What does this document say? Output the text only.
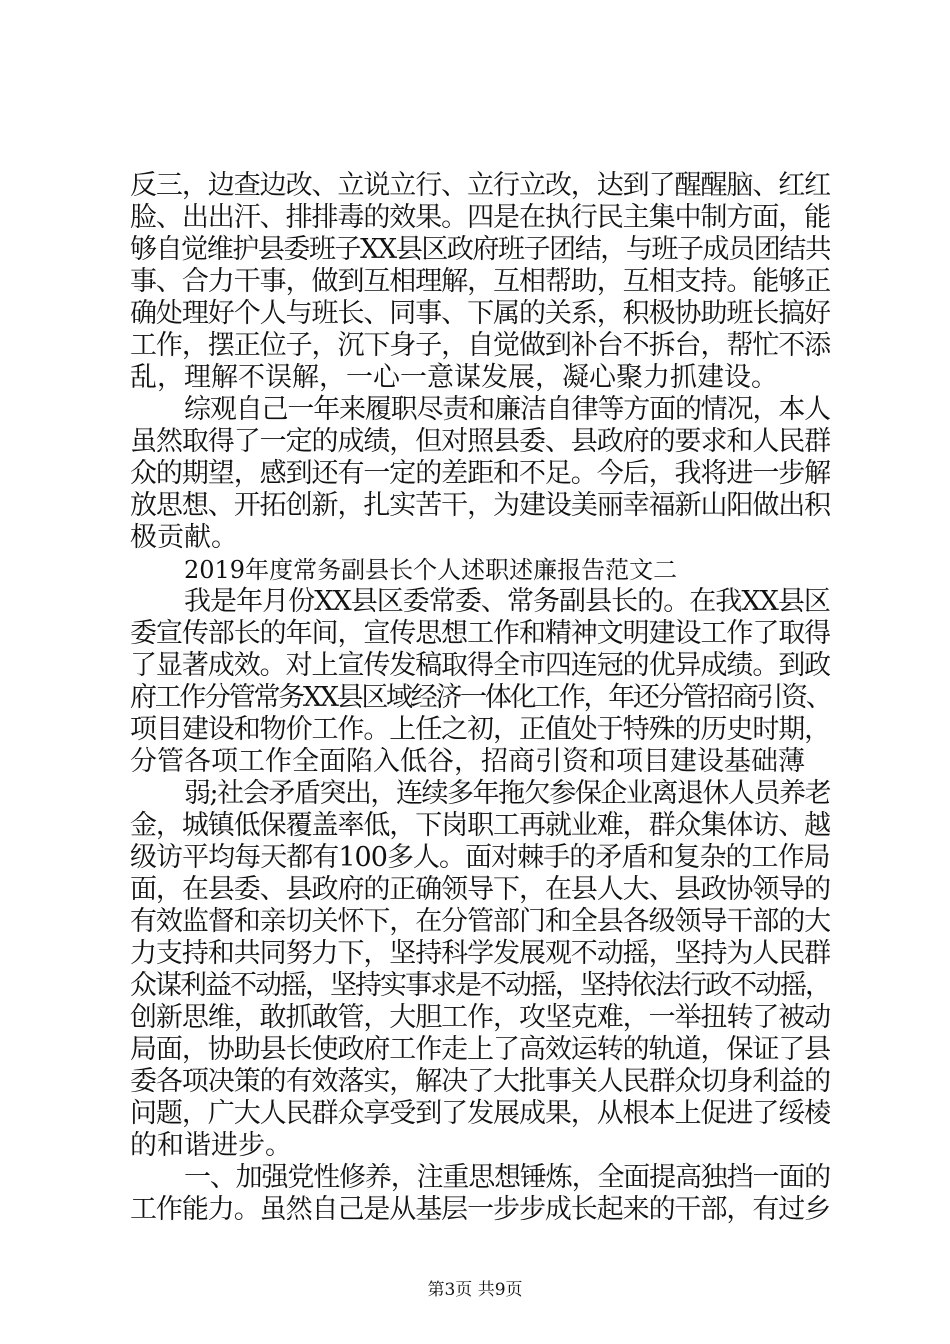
反三，边查边改、立说立行、立行立改，达到了醒醒脑、红红
脸、出出汗、排排毒的效果。四是在执行民主集中制方面，能
够自觉维护县委班子XX县区政府班子团结，与班子成员团结共
事、合力干事，做到互相理解，互相帮助，互相支持。能够正
确处理好个人与班长、同事、下属的关系，积极协助班长搞好
工作，摆正位子，沉下身子，自觉做到补台不拆台，帮忙不添
乱，理解不误解，一心一意谋发展，凝心聚力抓建设。
综观自己一年来履职尽责和廉洁自律等方面的情况，本人
虽然取得了一定的成绩，但对照县委、县政府的要求和人民群
众的期望，感到还有一定的差距和不足。今后，我将进一步解
放思想、开拓创新，扎实苦干，为建设美丽幸福新山阳做出积
极贡献。
2019年度常务副县长个人述职述廉报告范文二
我是年月份XX县区委常委、常务副县长的。在我XX县区
委宣传部长的年间，宣传思想工作和精神文明建设工作了取得
了显著成效。对上宣传发稿取得全市四连冠的优异成绩。到政
府工作分管常务XX县区域经济一体化工作，年还分管招商引资、
项目建设和物价工作。上任之初，正值处于特殊的历史时期，
分管各项工作全面陷入低谷，招商引资和项目建设基础薄
弱;社会矛盾突出，连续多年拖欠参保企业离退休人员养老
金，城镇低保覆盖率低，下岗职工再就业难，群众集体访、越
级访平均每天都有100多人。面对棘手的矛盾和复杂的工作局
面，在县委、县政府的正确领导下，在县人大、县政协领导的
有效监督和亲切关怀下，在分管部门和全县各级领导干部的大
力支持和共同努力下，坚持科学发展观不动摇，坚持为人民群
众谋利益不动摇，坚持实事求是不动摇，坚持依法行政不动摇，
创新思维，敢抓敢管，大胆工作，攻坚克难，一举扭转了被动
局面，协助县长使政府工作走上了高效运转的轨道，保证了县
委各项决策的有效落实，解决了大批事关人民群众切身利益的
问题，广大人民群众享受到了发展成果，从根本上促进了绥棱
的和谐进步。
一、加强党性修养，注重思想锤炼，全面提高独挡一面的
工作能力。虽然自己是从基层一步步成长起来的干部，有过乡
第3页 共9页
